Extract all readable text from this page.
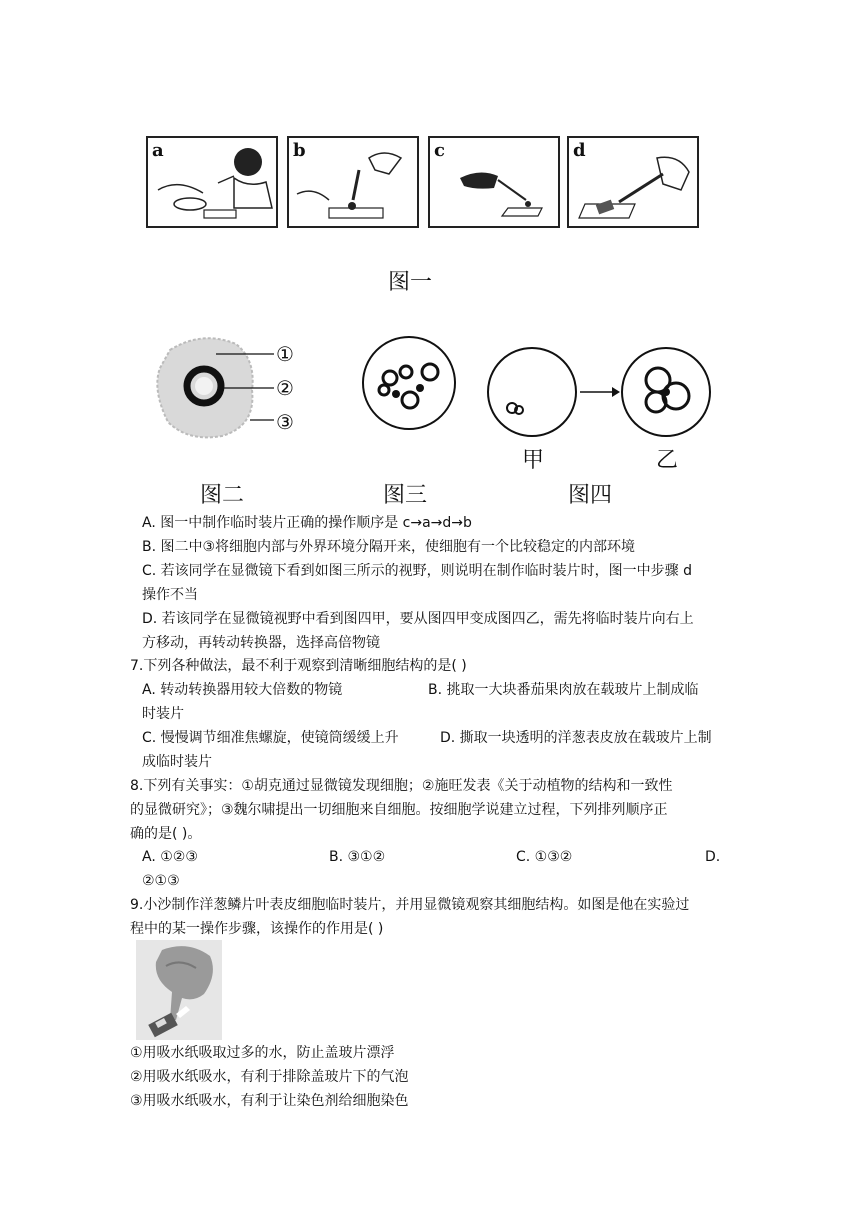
a	b	c	d
图一
①
②
③
图二	图三
甲	乙
图四
A. 图一中制作临时装片正确的操作顺序是 c→a→d→b
B. 图二中③将细胞内部与外界环境分隔开来，使细胞有一个比较稳定的内部环境
C. 若该同学在显微镜下看到如图三所示的视野，则说明在制作临时装片时，图一中步骤 d
操作不当
D. 若该同学在显微镜视野中看到图四甲，要从图四甲变成图四乙，需先将临时装片向右上
方移动，再转动转换器，选择高倍物镜
7.下列各种做法，最不利于观察到清晰细胞结构的是( )
A. 转动转换器用较大倍数的物镜	B. 挑取一大块番茄果肉放在载玻片上制成临
时装片
C. 慢慢调节细准焦螺旋，使镜筒缓缓上升	D. 撕取一块透明的洋葱表皮放在载玻片上制
成临时装片
8.下列有关事实：①胡克通过显微镜发现细胞；②施旺发表《关于动植物的结构和一致性
的显微研究》；③魏尔啸提出一切细胞来自细胞。按细胞学说建立过程，下列排列顺序正
确的是( )。
A. ①②③	B. ③①②	C. ①③②	D.
②①③
9.小沙制作洋葱鳞片叶表皮细胞临时装片，并用显微镜观察其细胞结构。如图是他在实验过
程中的某一操作步骤，该操作的作用是( )
①用吸水纸吸取过多的水，防止盖玻片漂浮
②用吸水纸吸水，有利于排除盖玻片下的气泡
③用吸水纸吸水，有利于让染色剂给细胞染色
